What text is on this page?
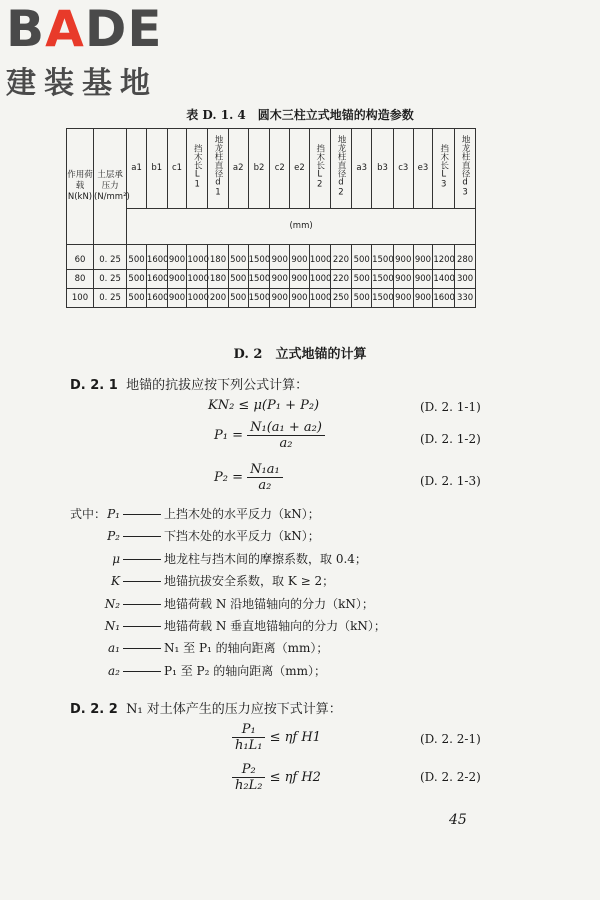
BADE
建装基地
表 D. 1. 4　圆木三柱立式地锚的构造参数
作用荷载N(kN)	土层承压力(N/mm²)	a1	b1	c1	挡木长L1	地龙柱直径d1	a2	b2	c2	e2	挡木长L2	地龙柱直径d2	a3	b3	c3	e3	挡木长L3	地龙柱直径d3
		(mm)																
60	0. 25	500	1600	900	1000	180	500	1500	900	900	1000	220	500	1500	900	900	1200	280
80	0. 25	500	1600	900	1000	180	500	1500	900	900	1000	220	500	1500	900	900	1400	300
100	0. 25	500	1600	900	1000	200	500	1500	900	900	1000	250	500	1500	900	900	1600	330
D. 2　立式地锚的计算
D. 2. 1 地锚的抗拔应按下列公式计算：
KN₂ ≤ μ(P₁ + P₂)	(D. 2. 1-1)
$P_1 = \frac{\text{N₁(a₁ + a₂)}}{\text{a₂}}$	(D. 2. 1-2)
$P_2 = \frac{\text{N₁a₁}}{\text{a₂}}$	(D. 2. 1-3)
式中： P₁	上挡木处的水平反力（kN）；
P₂	下挡木处的水平反力（kN）；
μ	地龙柱与挡木间的摩擦系数，取 0.4；
K	地锚抗拔安全系数，取 K ≥ 2；
N₂	地锚荷载 N 沿地锚轴向的分力（kN）；
N₁	地锚荷载 N 垂直地锚轴向的分力（kN）；
a₁	N₁ 至 P₁ 的轴向距离（mm）；
a₂	P₁ 至 P₂ 的轴向距离（mm）；
D. 2. 2 N₁ 对土体产生的压力应按下式计算：
$\frac{\text{P₁}}{\text{h₁L₁}} \le \eta f$ H1	(D. 2. 2-1)
$\frac{\text{P₂}}{\text{h₂L₂}} \le \eta f$ H2	(D. 2. 2-2)
45
